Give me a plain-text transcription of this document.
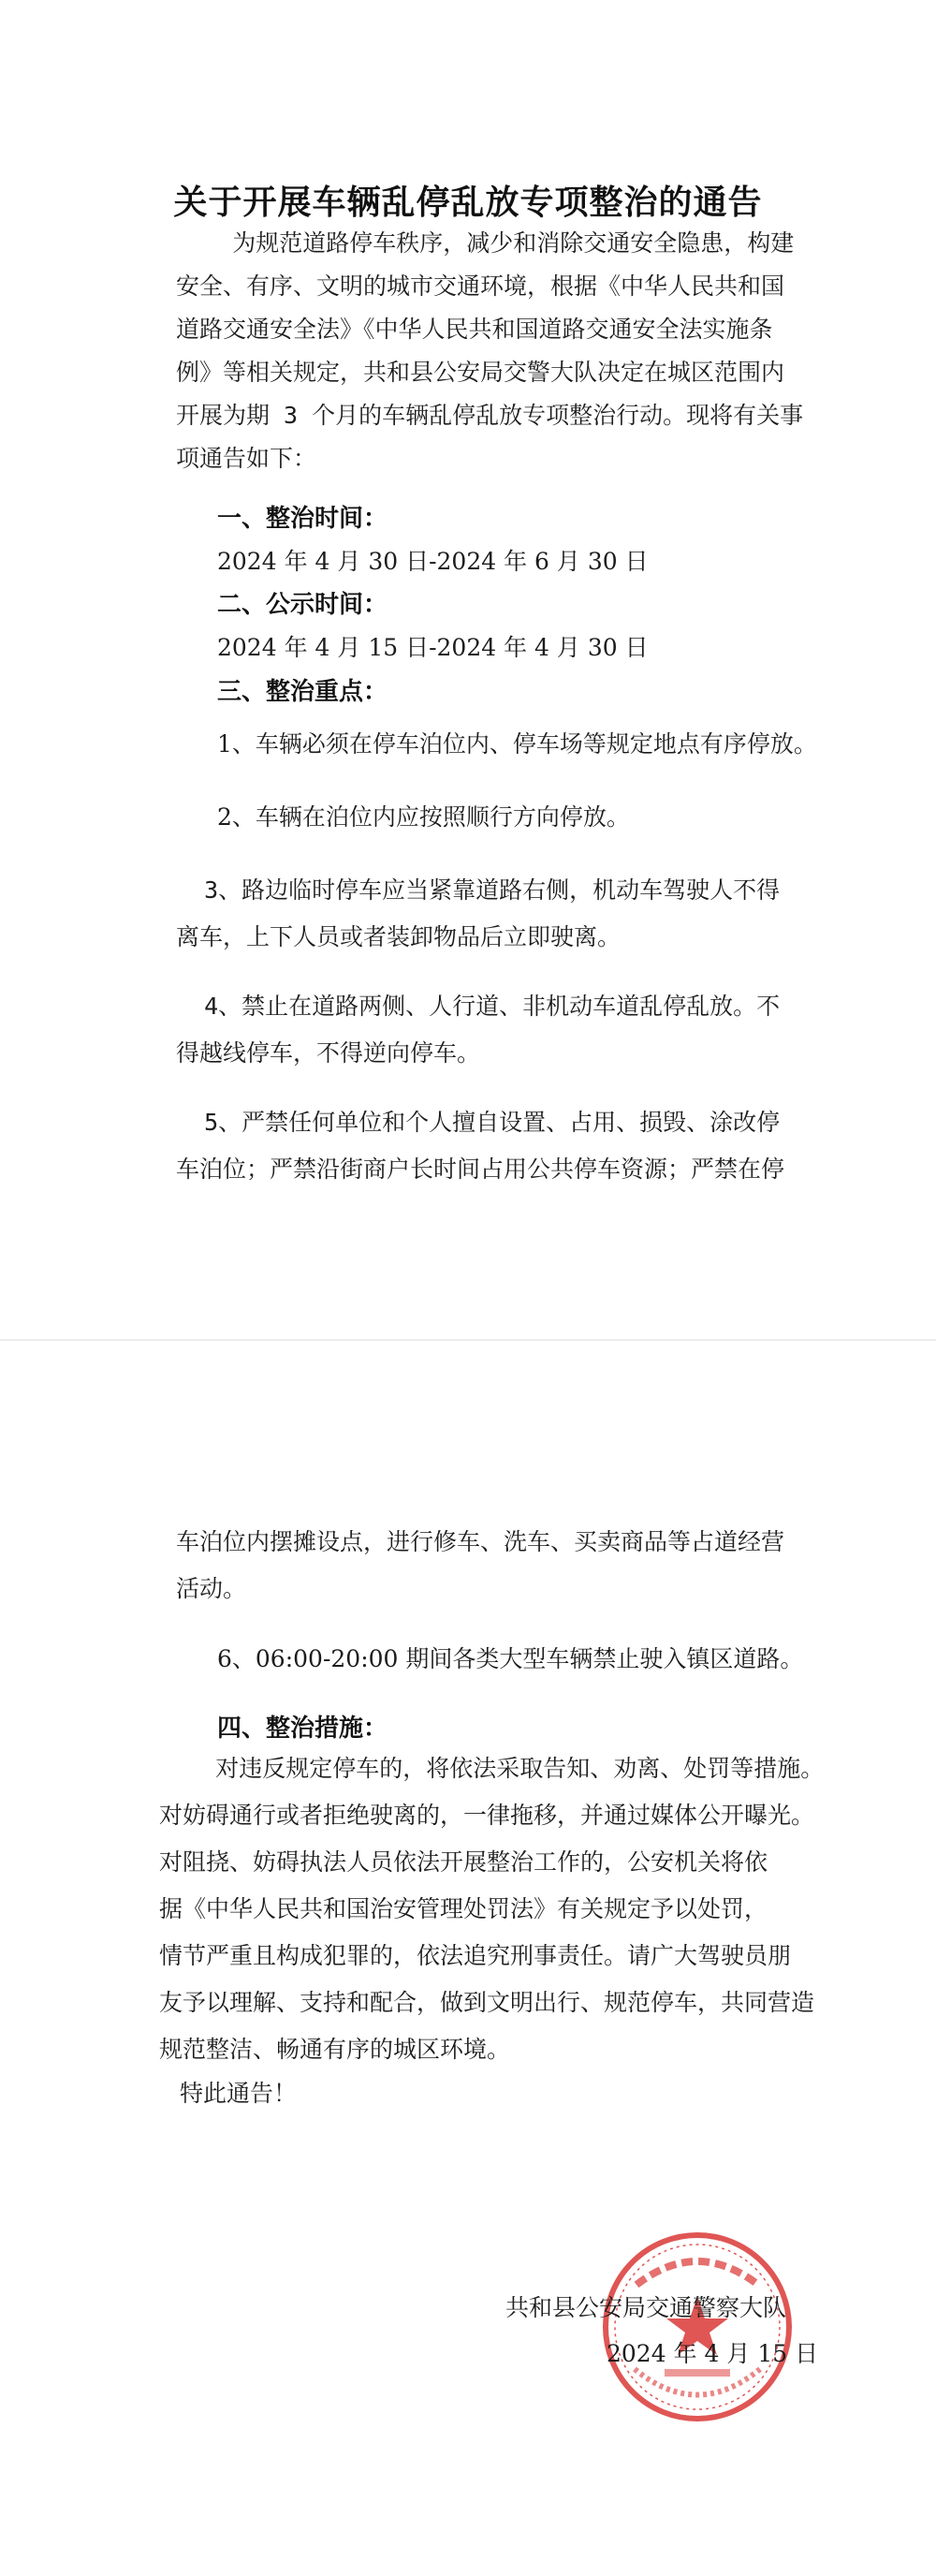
关于开展车辆乱停乱放专项整治的通告
为规范道路停车秩序，减少和消除交通安全隐患，构建
安全、有序、文明的城市交通环境，根据《中华人民共和国
道路交通安全法》《中华人民共和国道路交通安全法实施条
例》等相关规定，共和县公安局交警大队决定在城区范围内
开展为期 3 个月的车辆乱停乱放专项整治行动。现将有关事
项通告如下：
一、整治时间：
2024 年 4 月 30 日-2024 年 6 月 30 日
二、公示时间：
2024 年 4 月 15 日-2024 年 4 月 30 日
三、整治重点：
1、车辆必须在停车泊位内、停车场等规定地点有序停放。
2、车辆在泊位内应按照顺行方向停放。
3、路边临时停车应当紧靠道路右侧，机动车驾驶人不得
离车，上下人员或者装卸物品后立即驶离。
4、禁止在道路两侧、人行道、非机动车道乱停乱放。不
得越线停车，不得逆向停车。
5、严禁任何单位和个人擅自设置、占用、损毁、涂改停
车泊位；严禁沿街商户长时间占用公共停车资源；严禁在停
车泊位内摆摊设点，进行修车、洗车、买卖商品等占道经营
活动。
6、06:00-20:00 期间各类大型车辆禁止驶入镇区道路。
四、整治措施：
对违反规定停车的，将依法采取告知、劝离、处罚等措施。
对妨碍通行或者拒绝驶离的，一律拖移，并通过媒体公开曝光。
对阻挠、妨碍执法人员依法开展整治工作的，公安机关将依
据《中华人民共和国治安管理处罚法》有关规定予以处罚，
情节严重且构成犯罪的，依法追究刑事责任。请广大驾驶员朋
友予以理解、支持和配合，做到文明出行、规范停车，共同营造
规范整洁、畅通有序的城区环境。
特此通告！
共和县公安局交通警察大队
2024 年 4 月 15 日
